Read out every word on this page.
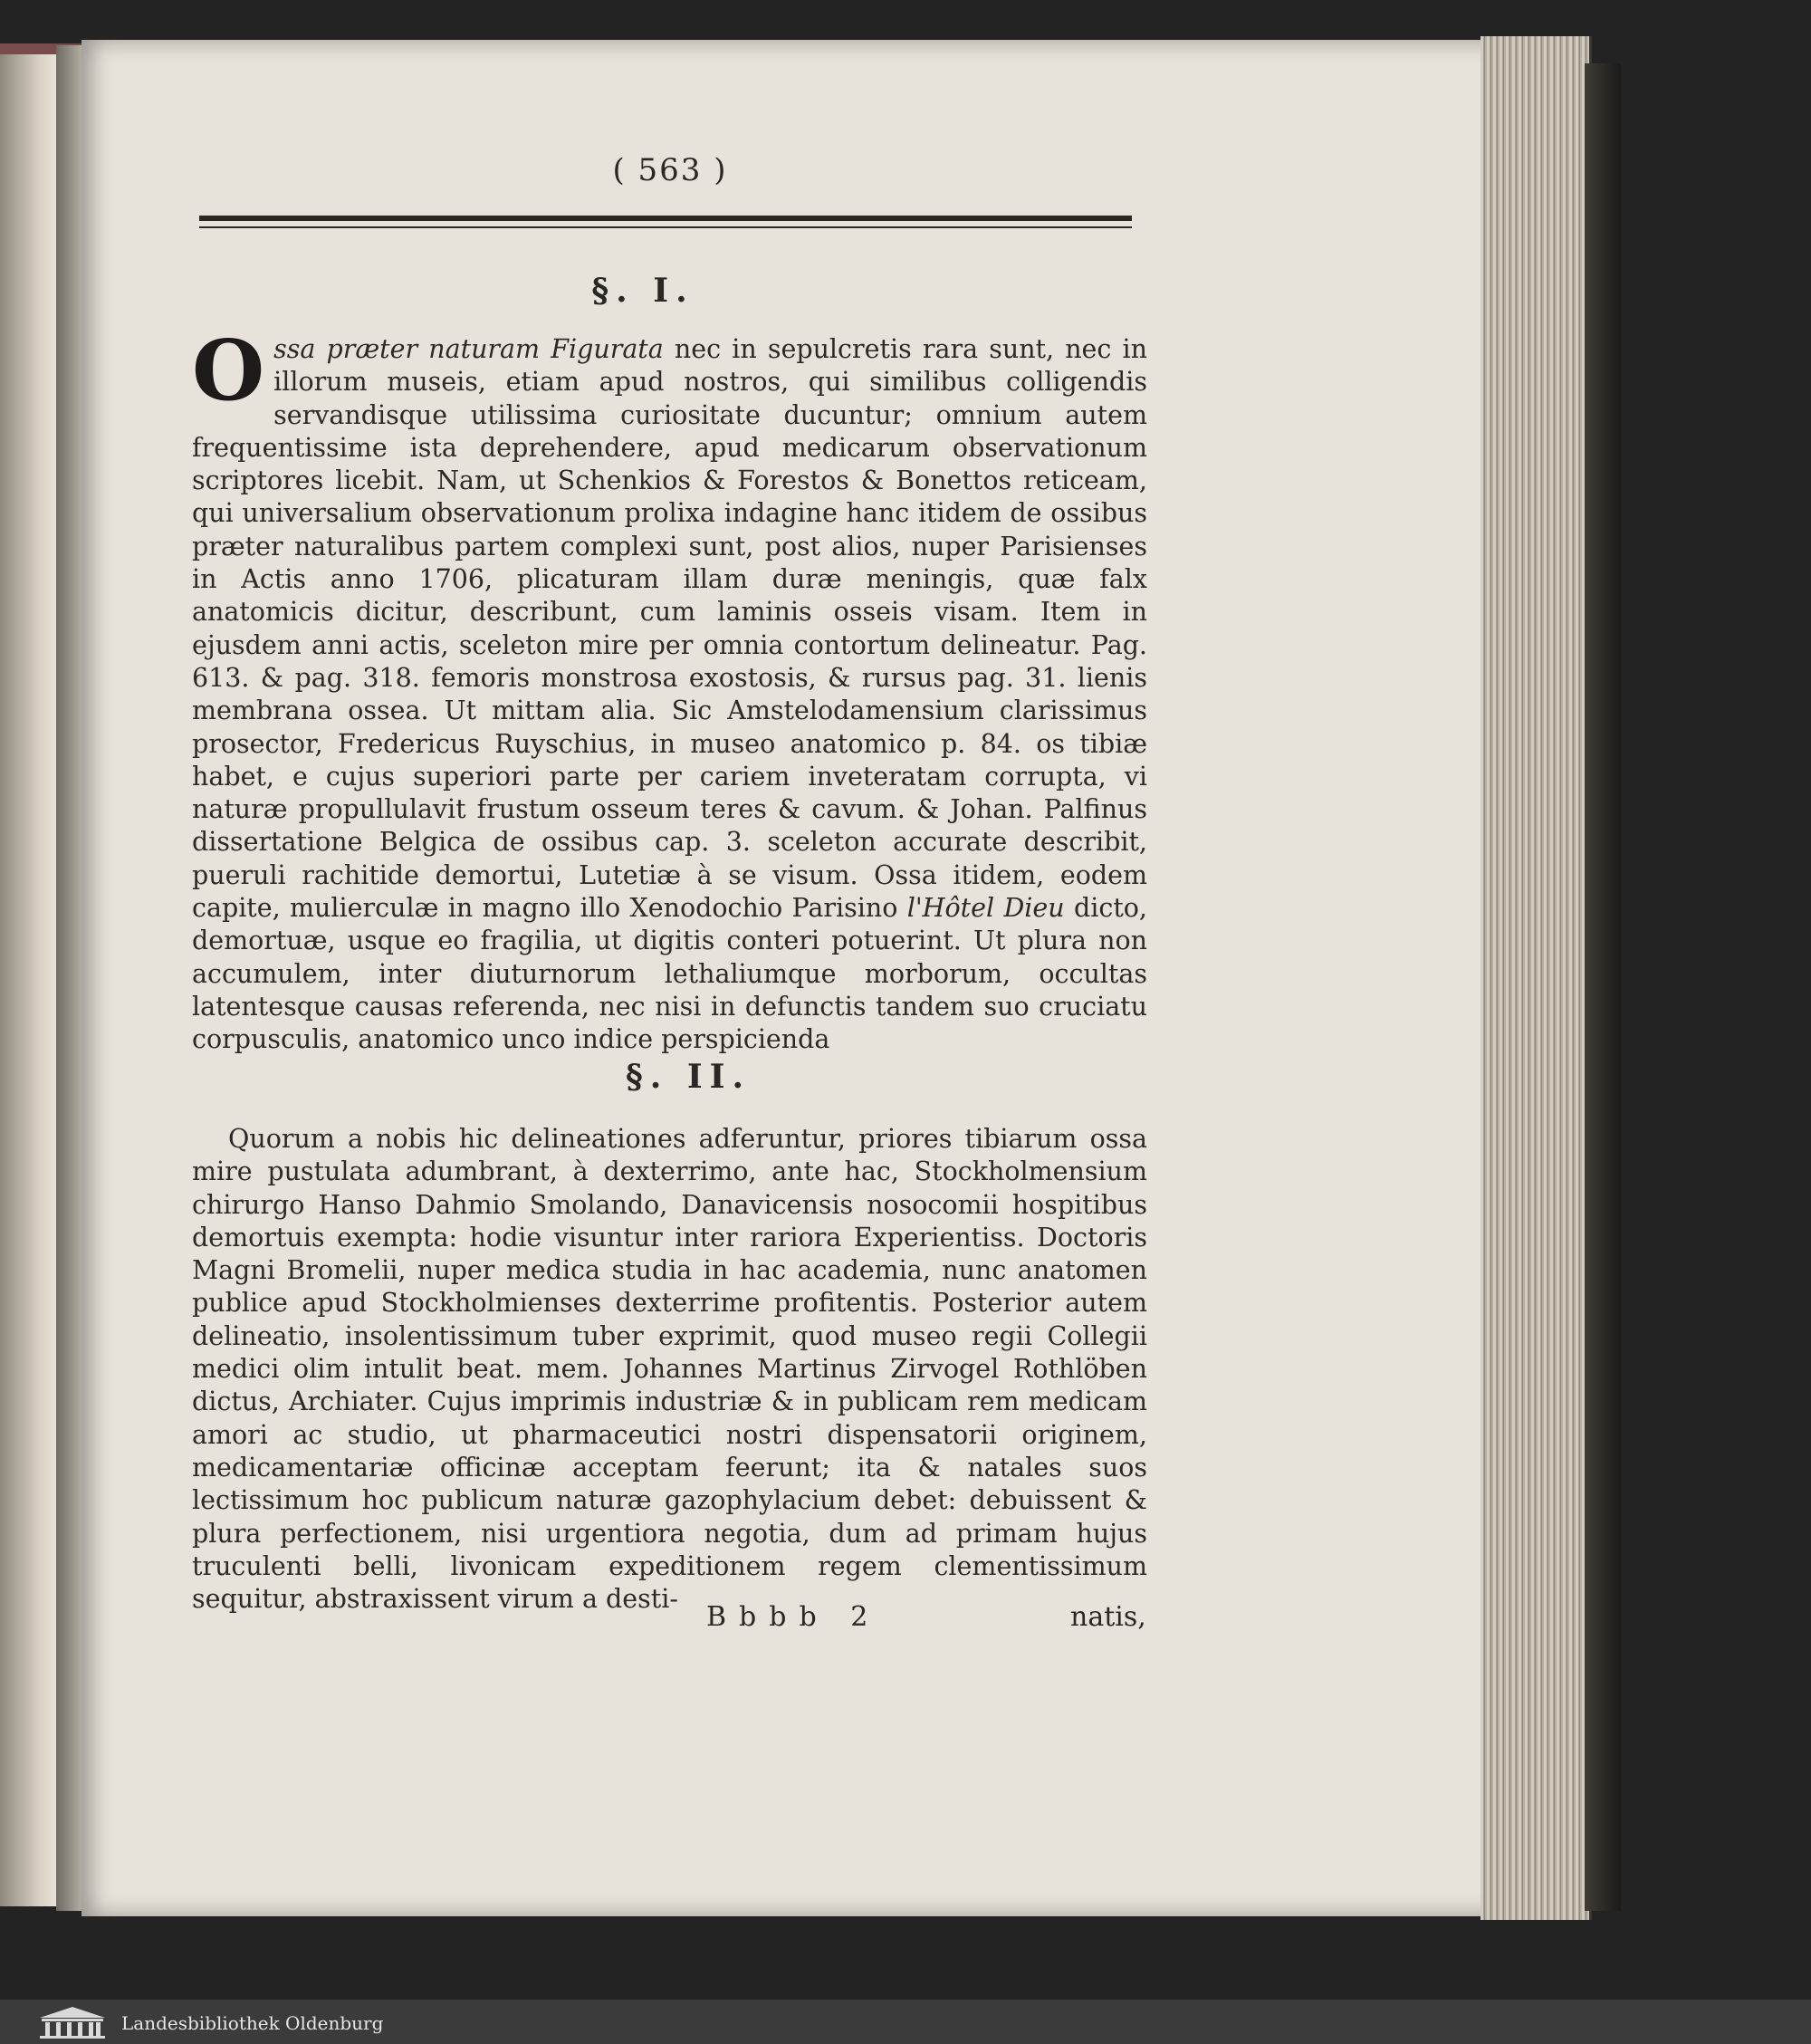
( 563 )
§. I.

Ossa præter naturam Figurata nec in sepulcretis rara sunt, nec in illorum museis, etiam apud nostros, qui similibus colligendis servandisque utilissima curiositate ducuntur; omnium autem frequentissime ista deprehendere, apud medicarum observationum scriptores licebit. Nam, ut Schenkios & Forestos & Bonettos reticeam, qui universalium observationum prolixa indagine hanc itidem de ossibus præter naturalibus partem complexi sunt, post alios, nuper Parisienses in Actis anno 1706, plicaturam illam duræ meningis, quæ falx anatomicis dicitur, describunt, cum laminis osseis visam. Item in ejusdem anni actis, sceleton mire per omnia contortum delineatur. Pag. 613. & pag. 318. femoris monstrosa exostosis, & rursus pag. 31. lienis membrana ossea. Ut mittam alia. Sic Amstelodamensium clarissimus prosector, Fredericus Ruyschius, in museo anatomico p. 84. os tibiæ habet, e cujus superiori parte per cariem inveteratam corrupta, vi naturæ propullulavit frustum osseum teres & cavum. & Johan. Palfinus dissertatione Belgica de ossibus cap. 3. sceleton accurate describit, pueruli rachitide demortui, Lutetiæ à se visum. Ossa itidem, eodem capite, mulierculæ in magno illo Xenodochio Parisino l'Hôtel Dieu dicto, demortuæ, usque eo fragilia, ut digitis conteri potuerint. Ut plura non accumulem, inter diuturnorum lethaliumque morborum, occultas latentesque causas referenda, nec nisi in defunctis tandem suo cruciatu corpusculis, anatomico unco indice perspicienda

§. II.

Quorum a nobis hic delineationes adferuntur, priores tibiarum ossa mire pustulata adumbrant, à dexterrimo, ante hac, Stockholmensium chirurgo Hanso Dahmio Smolando, Danavicensis nosocomii hospitibus demortuis exempta: hodie visuntur inter rariora Experientiss. Doctoris Magni Bromelii, nuper medica studia in hac academia, nunc anatomen publice apud Stockholmienses dexterrime profitentis. Posterior autem delineatio, insolentissimum tuber exprimit, quod museo regii Collegii medici olim intulit beat. mem. Johannes Martinus Zirvogel Rothlöben dictus, Archiater. Cujus imprimis industriæ & in publicam rem medicam amori ac studio, ut pharmaceutici nostri dispensatorii originem, medicamentariæ officinæ acceptam feerunt; ita & natales suos lectissimum hoc publicum naturæ gazophylacium debet: debuissent & plura perfectionem, nisi urgentiora negotia, dum ad primam hujus truculenti belli, livonicam expeditionem regem clementissimum sequitur, abstraxissent virum a desti-

Bbbb 2	natis,
Landesbibliothek Oldenburg
